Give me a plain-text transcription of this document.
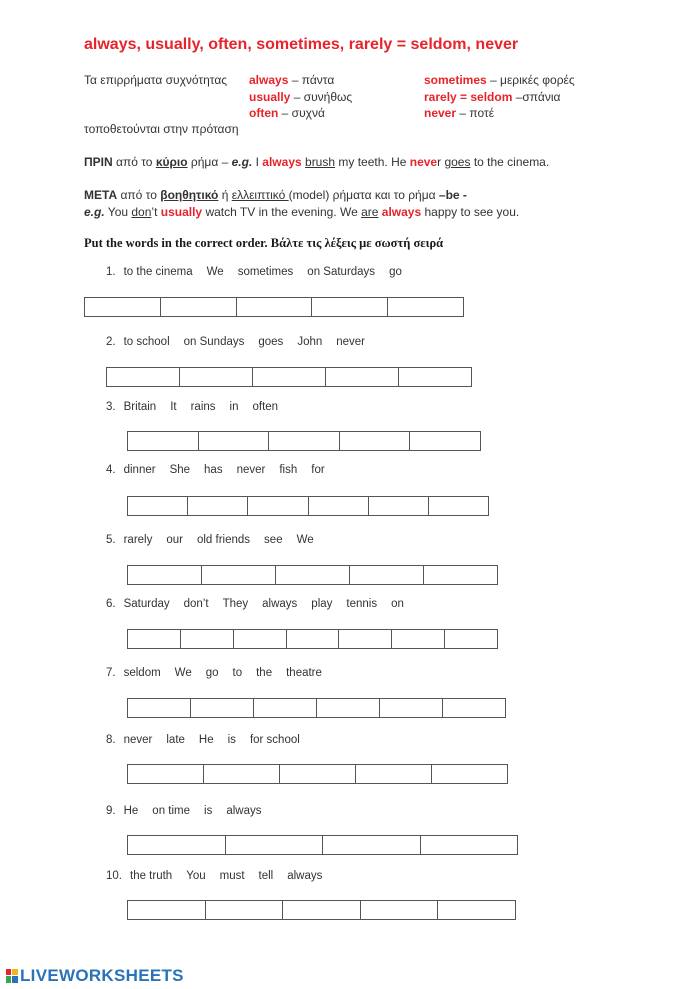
always, usually, often, sometimes, rarely = seldom, never
Τα επιρρήματα συχνότητας always – πάντα
usually – συνήθως
often – συχνά
sometimes – μερικές φορές
rarely = seldom –σπάνια
never – ποτέ
τοποθετούνται στην πρόταση
ΠΡΙΝ από το κύριο ρήμα – e.g. I always brush my teeth. He never goes to the cinema.
ΜΕΤΑ από το βοηθητικό ή ελλειπτικό (model) ρήματα και το ρήμα –be -
e.g. You don’t usually watch TV in the evening. We are always happy to see you.
Put the words in the correct order. Βάλτε τις λέξεις με σωστή σειρά
1. to the cinema We sometimes on Saturdays go
2. to school on Sundays goes John never
3. Britain It rains in often
4. dinner She has never fish for
5. rarely our old friends see We
6. Saturday don’t They always play tennis on
7. seldom We go to the theatre
8. never late He is for school
9. He on time is always
10. the truth You must tell always
LIVEWORKSHEETS
